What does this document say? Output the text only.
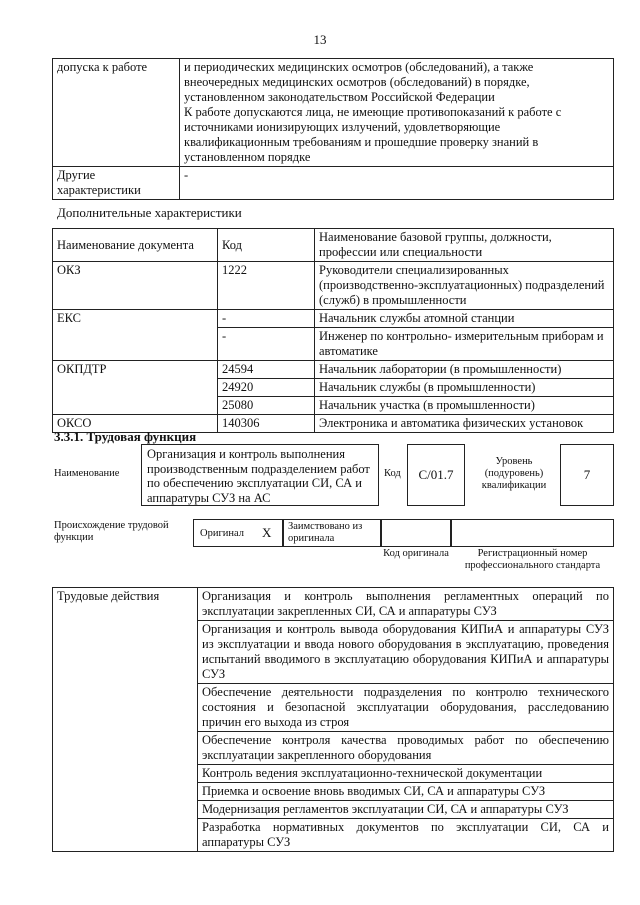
13
допуска к работе	и периодических медицинских осмотров (обследований), а также внеочередных медицинских осмотров (обследований) в порядке, установленном законодательством Российской Федерации
К работе допускаются лица, не имеющие противопоказаний к работе с источниками ионизирующих излучений, удовлетворяющие квалификационным требованиям и прошедшие проверку знаний в установленном порядке

Другие характеристики	-
Дополнительные характеристики
Наименование документа	Код	Наименование базовой группы, должности, профессии или специальности
ОКЗ	1222	Руководители специализированных (производственно-эксплуатационных) подразделений (служб) в промышленности
ЕКС	-	Начальник службы атомной станции
	-	Инженер по контрольно- измерительным приборам и автоматике
ОКПДТР	24594	Начальник лаборатории (в промышленности)
	24920	Начальник службы (в промышленности)
	25080	Начальник участка (в промышленности)
ОКСО	140306	Электроника и автоматика физических установок
3.3.1. Трудовая функция
Наименование
Организация и контроль выполнения производственным подразделением работ по обеспечению эксплуатации СИ, СА и аппаратуры СУЗ на АС
Код	С/01.7
Уровень (подуровень) квалификации
7
Происхождение трудовой функции	Оригинал X	Заимствовано из оригинала
Код оригинала	Регистрационный номер профессионального стандарта
Трудовые действия	Организация и контроль выполнения регламентных операций по эксплуатации закрепленных СИ, СА и аппаратуры СУЗ
Организация и контроль вывода оборудования КИПиА и аппаратуры СУЗ из эксплуатации и ввода нового оборудования в эксплуатацию, проведения испытаний вводимого в эксплуатацию оборудования КИПиА и аппаратуры СУЗ
Обеспечение деятельности подразделения по контролю технического состояния и безопасной эксплуатации оборудования, расследованию причин его выхода из строя
Обеспечение контроля качества проводимых работ по обеспечению эксплуатации закрепленного оборудования
Контроль ведения эксплуатационно-технической документации
Приемка и освоение вновь вводимых СИ, СА и аппаратуры СУЗ
Модернизация регламентов эксплуатации СИ, СА и аппаратуры СУЗ
Разработка нормативных документов по эксплуатации СИ, СА и аппаратуры СУЗ
